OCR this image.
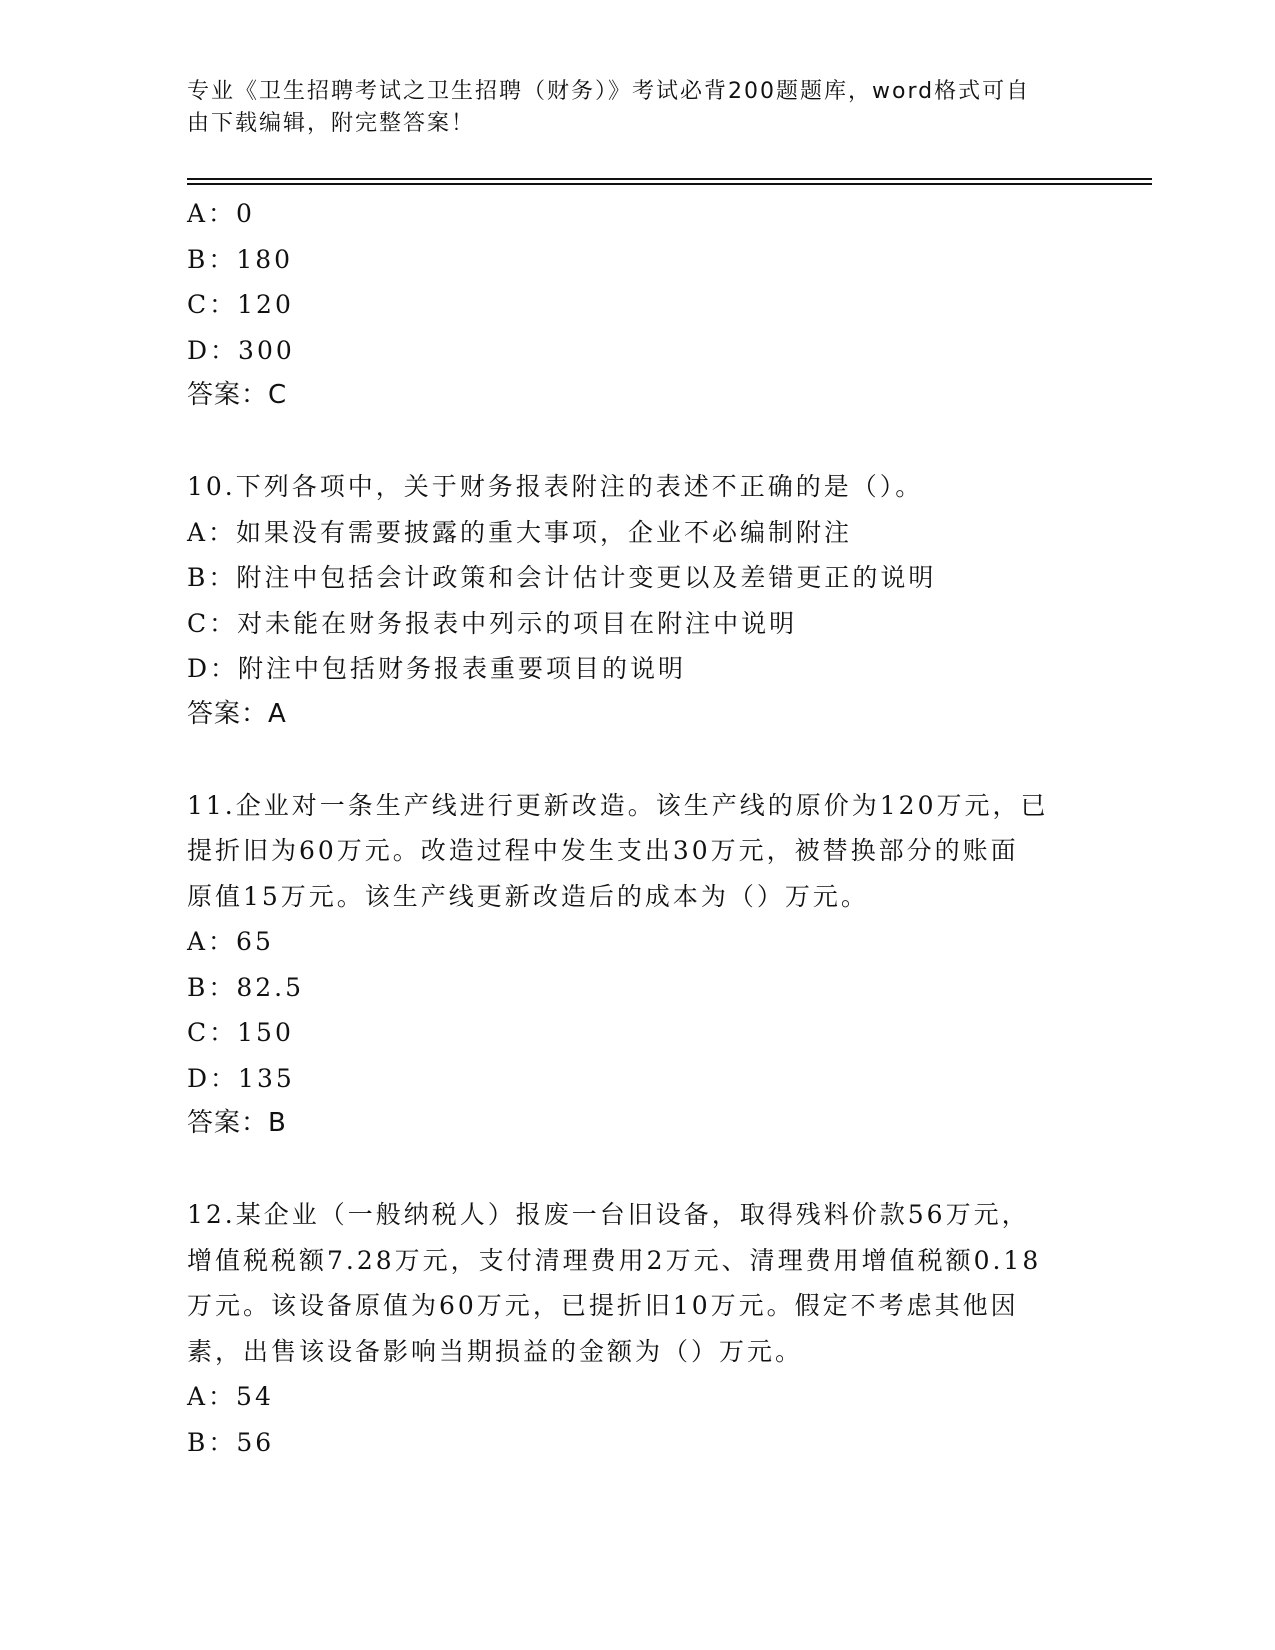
专业《卫生招聘考试之卫生招聘（财务）》考试必背200题题库，word格式可自
由下载编辑，附完整答案！
A：0
B：180
C：120
D：300
答案：C
10.下列各项中，关于财务报表附注的表述不正确的是（）。
A：如果没有需要披露的重大事项，企业不必编制附注
B：附注中包括会计政策和会计估计变更以及差错更正的说明
C：对未能在财务报表中列示的项目在附注中说明
D：附注中包括财务报表重要项目的说明
答案：A
11.企业对一条生产线进行更新改造。该生产线的原价为120万元，已
提折旧为60万元。改造过程中发生支出30万元，被替换部分的账面
原值15万元。该生产线更新改造后的成本为（）万元。
A：65
B：82.5
C：150
D：135
答案：B
12.某企业（一般纳税人）报废一台旧设备，取得残料价款56万元，
增值税税额7.28万元，支付清理费用2万元、清理费用增值税额0.18
万元。该设备原值为60万元，已提折旧10万元。假定不考虑其他因
素，出售该设备影响当期损益的金额为（）万元。
A：54
B：56
